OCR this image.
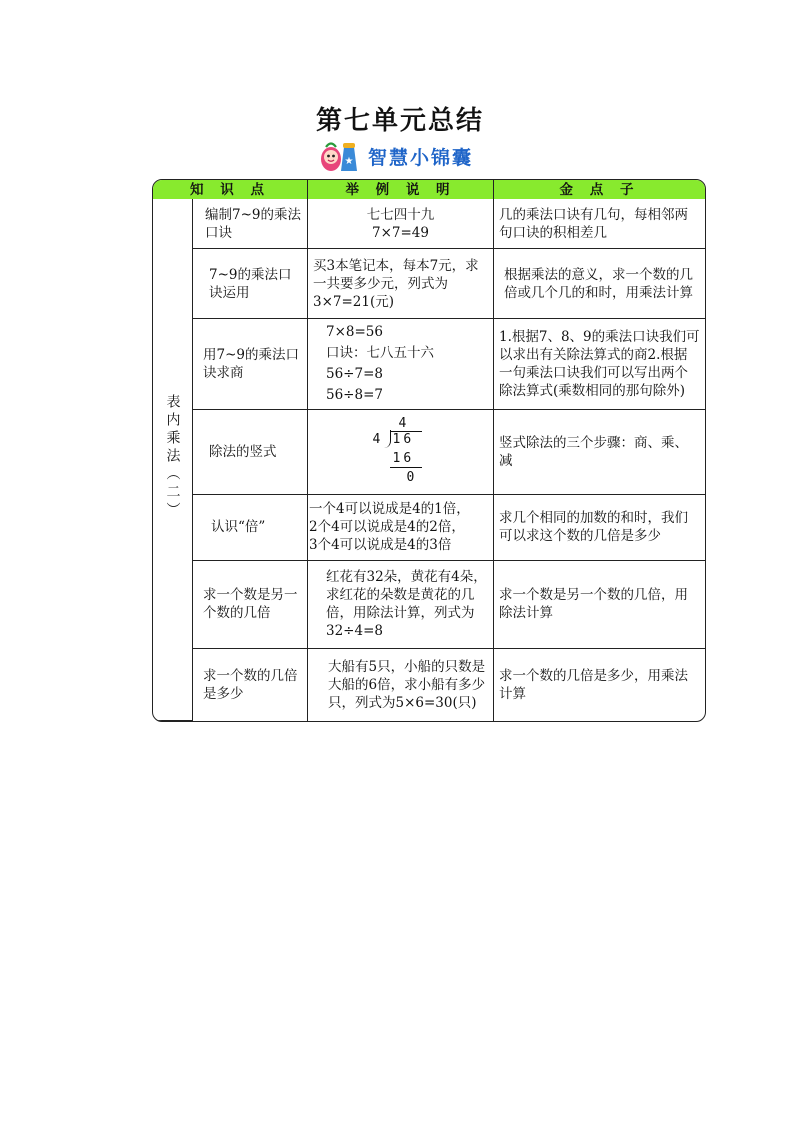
第七单元总结
★ 智慧小锦囊
知 识 点		举 例 说 明	金 点 子
表内乘法（二）	编制7~9的乘法口诀	七七四十九
7×7=49	几的乘法口诀有几句，每相邻两句口诀的积相差几
	7~9的乘法口诀运用	买3本笔记本，每本7元，求一共要多少元，列式为3×7=21(元)	根据乘法的意义，求一个数的几倍或几个几的和时，用乘法计算
	用7~9的乘法口诀求商	7×8=56
口诀：七八五十六
56÷7=8
56÷8=7	1.根据7、8、9的乘法口诀我们可以求出有关除法算式的商2.根据一句乘法口诀我们可以写出两个除法算式(乘数相同的那句除外)
	除法的竖式	4
4 16
16
0	竖式除法的三个步骤：商、乘、减
	认识“倍”	一个4可以说成是4的1倍，
2个4可以说成是4的2倍，
3个4可以说成是4的3倍	求几个相同的加数的和时，我们可以求这个数的几倍是多少
	求一个数是另一个数的几倍	红花有32朵，黄花有4朵，求红花的朵数是黄花的几倍，用除法计算，列式为32÷4=8	求一个数是另一个数的几倍，用除法计算
	求一个数的几倍是多少	大船有5只，小船的只数是大船的6倍，求小船有多少只，列式为5×6=30(只)	求一个数的几倍是多少，用乘法计算
